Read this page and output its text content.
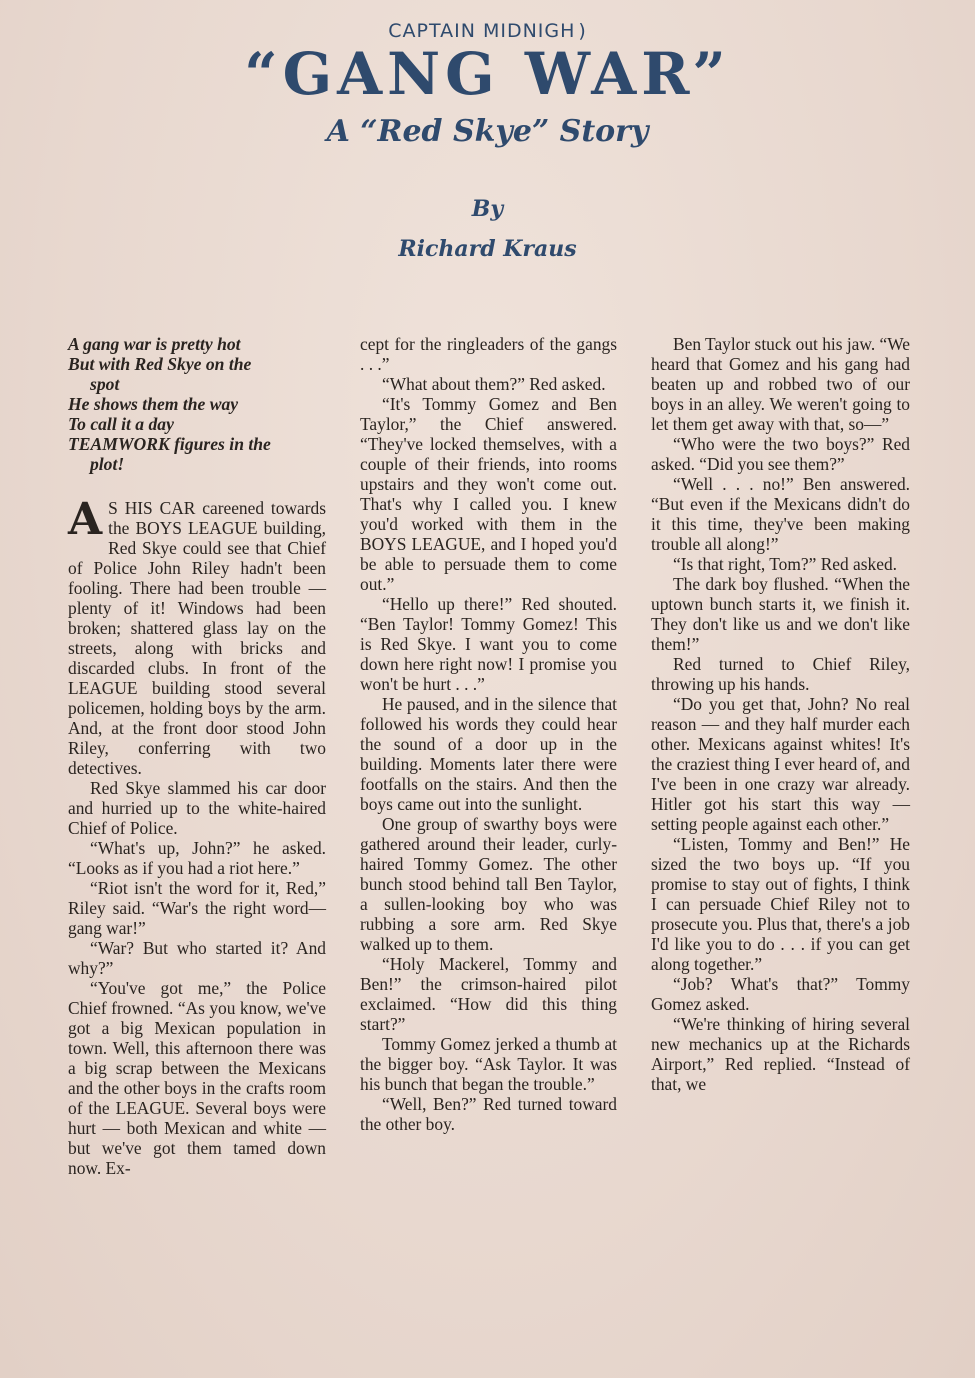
CAPTAIN MIDNIGH )
“GANG WAR”
A “Red Skye” Story
By
Richard Kraus
A gang war is pretty hot
But with Red Skye on the
spot
He shows them the way
To call it a day
TEAMWORK figures in the
plot!

A S HIS CAR careened towards the BOYS LEAGUE building, Red Skye could see that Chief of Police John Riley hadn't been fooling. There had been trouble — plenty of it! Windows had been broken; shattered glass lay on the streets, along with bricks and discarded clubs. In front of the LEAGUE building stood several policemen, holding boys by the arm. And, at the front door stood John Riley, conferring with two detectives.

Red Skye slammed his car door and hurried up to the white-haired Chief of Police.

“What's up, John?” he asked. “Looks as if you had a riot here.”

“Riot isn't the word for it, Red,” Riley said. “War's the right word—gang war!”

“War? But who started it? And why?”

“You've got me,” the Police Chief frowned. “As you know, we've got a big Mexican population in town. Well, this afternoon there was a big scrap between the Mexicans and the other boys in the crafts room of the LEAGUE. Several boys were hurt — both Mexican and white — but we've got them tamed down now. Ex-

cept for the ringleaders of the gangs . . .”

“What about them?” Red asked.

“It's Tommy Gomez and Ben Taylor,” the Chief answered. “They've locked themselves, with a couple of their friends, into rooms upstairs and they won't come out. That's why I called you. I knew you'd worked with them in the BOYS LEAGUE, and I hoped you'd be able to persuade them to come out.”

“Hello up there!” Red shouted. “Ben Taylor! Tommy Gomez! This is Red Skye. I want you to come down here right now! I promise you won't be hurt . . .”

He paused, and in the silence that followed his words they could hear the sound of a door up in the building. Moments later there were footfalls on the stairs. And then the boys came out into the sunlight.

One group of swarthy boys were gathered around their leader, curly-haired Tommy Gomez. The other bunch stood behind tall Ben Taylor, a sullen-looking boy who was rubbing a sore arm. Red Skye walked up to them.

“Holy Mackerel, Tommy and Ben!” the crimson-haired pilot exclaimed. “How did this thing start?”

Tommy Gomez jerked a thumb at the bigger boy. “Ask Taylor. It was his bunch that began the trouble.”

“Well, Ben?” Red turned toward the other boy.

Ben Taylor stuck out his jaw. “We heard that Gomez and his gang had beaten up and robbed two of our boys in an alley. We weren't going to let them get away with that, so—”

“Who were the two boys?” Red asked. “Did you see them?”

“Well . . . no!” Ben answered. “But even if the Mexicans didn't do it this time, they've been making trouble all along!”

“Is that right, Tom?” Red asked.

The dark boy flushed. “When the uptown bunch starts it, we finish it. They don't like us and we don't like them!”

Red turned to Chief Riley, throwing up his hands.

“Do you get that, John? No real reason — and they half murder each other. Mexicans against whites! It's the craziest thing I ever heard of, and I've been in one crazy war already. Hitler got his start this way — setting people against each other.”

“Listen, Tommy and Ben!” He sized the two boys up. “If you promise to stay out of fights, I think I can persuade Chief Riley not to prosecute you. Plus that, there's a job I'd like you to do . . . if you can get along together.”

“Job? What's that?” Tommy Gomez asked.

“We're thinking of hiring several new mechanics up at the Richards Airport,” Red replied. “Instead of that, we
